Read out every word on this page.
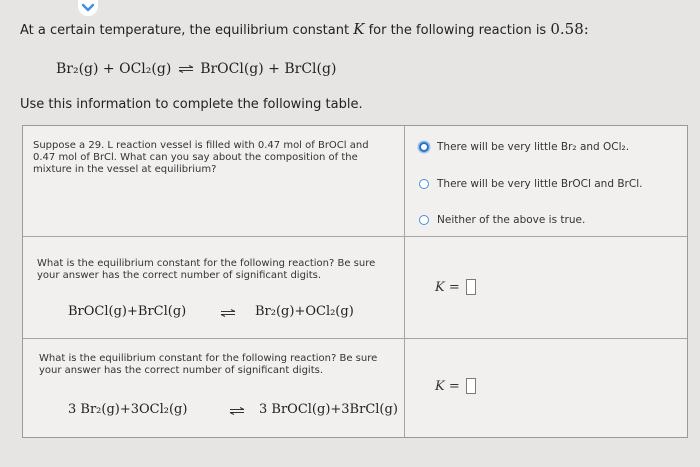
At a certain temperature, the equilibrium constant K for the following reaction is 0.58:
Br₂(g) + OCl₂(g) ⇌ BrOCl(g) + BrCl(g)
Use this information to complete the following table.
Suppose a 29. L reaction vessel is filled with 0.47 mol of BrOCl and 0.47 mol of BrCl. What can you say about the composition of the mixture in the vessel at equilibrium?
There will be very little Br₂ and OCl₂.
There will be very little BrOCl and BrCl.
Neither of the above is true.
What is the equilibrium constant for the following reaction? Be sure your answer has the correct number of significant digits.
BrOCl(g)+BrCl(g) ⇌ Br₂(g)+OCl₂(g)
K =
What is the equilibrium constant for the following reaction? Be sure your answer has the correct number of significant digits.
3 Br₂(g)+3OCl₂(g)	⇌ 3 BrOCl(g)+3BrCl(g)
K =
